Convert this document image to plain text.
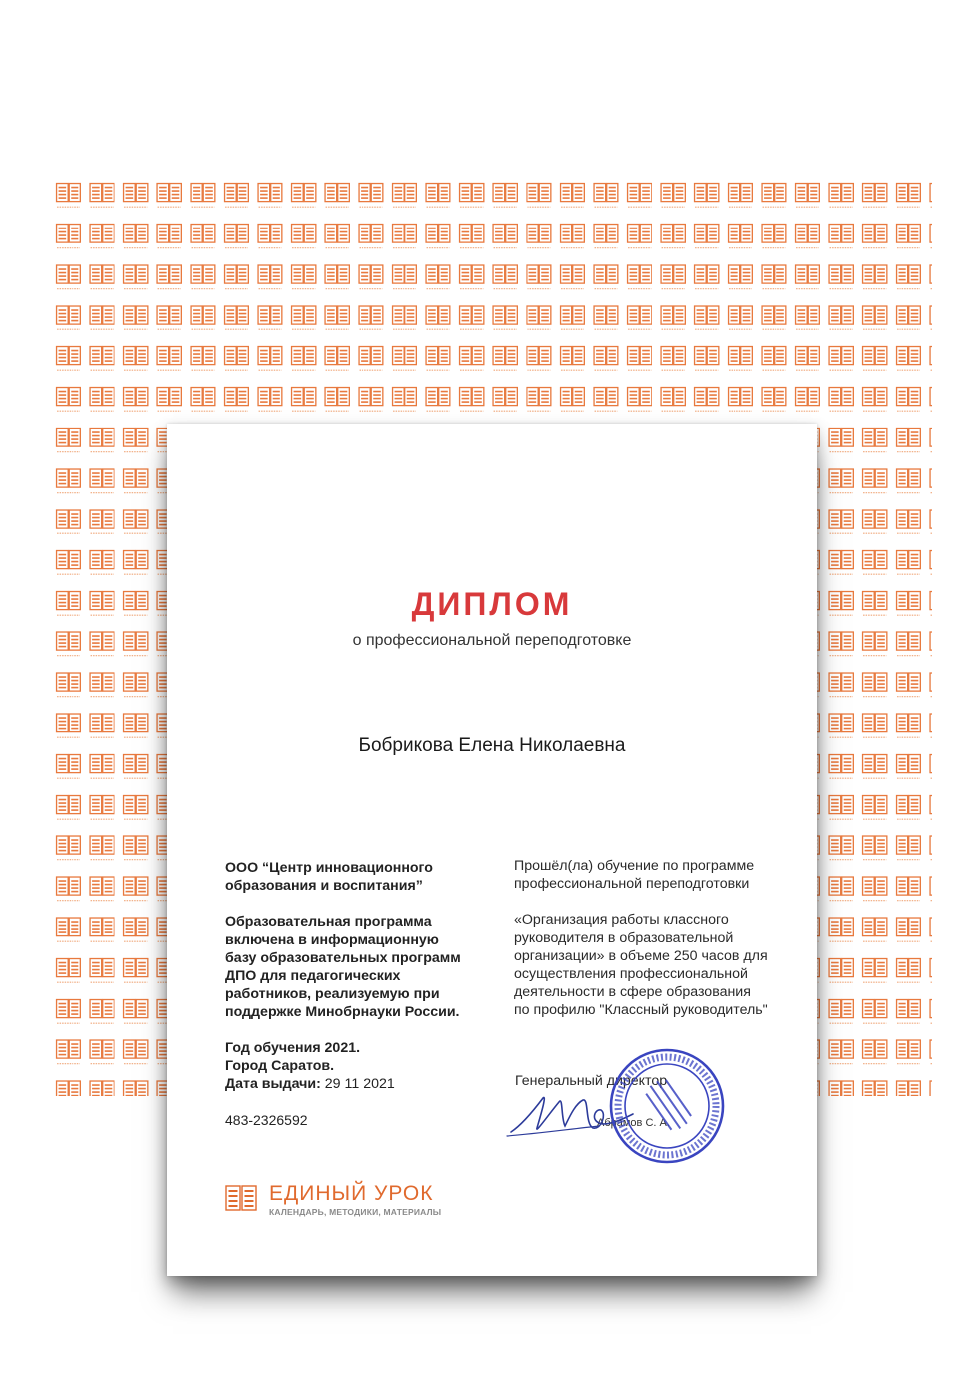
ДИПЛОМ
о профессиональной переподготовке
Бобрикова Елена Николаевна

ООО “Центр инновационного
образования и воспитания”

Образовательная программа
включена в информационную
базу образовательных программ
ДПО для педагогических
работников, реализуемую при
поддержке Минобрнауки России.

Год обучения 2021.

Город Саратов.

Дата выдачи: 29 11 2021

483-2326592

Прошёл(ла) обучение по программе
профессиональной переподготовки

«Организация работы классного
руководителя в образовательной
организации» в объеме 250 часов для
осуществления профессиональной
деятельности в сфере образования
по профилю "Классный руководитель"

Генеральный директор
Абрамов С. А.
ЕДИНЫЙ УРОК
КАЛЕНДАРЬ, МЕТОДИКИ, МАТЕРИАЛЫ
